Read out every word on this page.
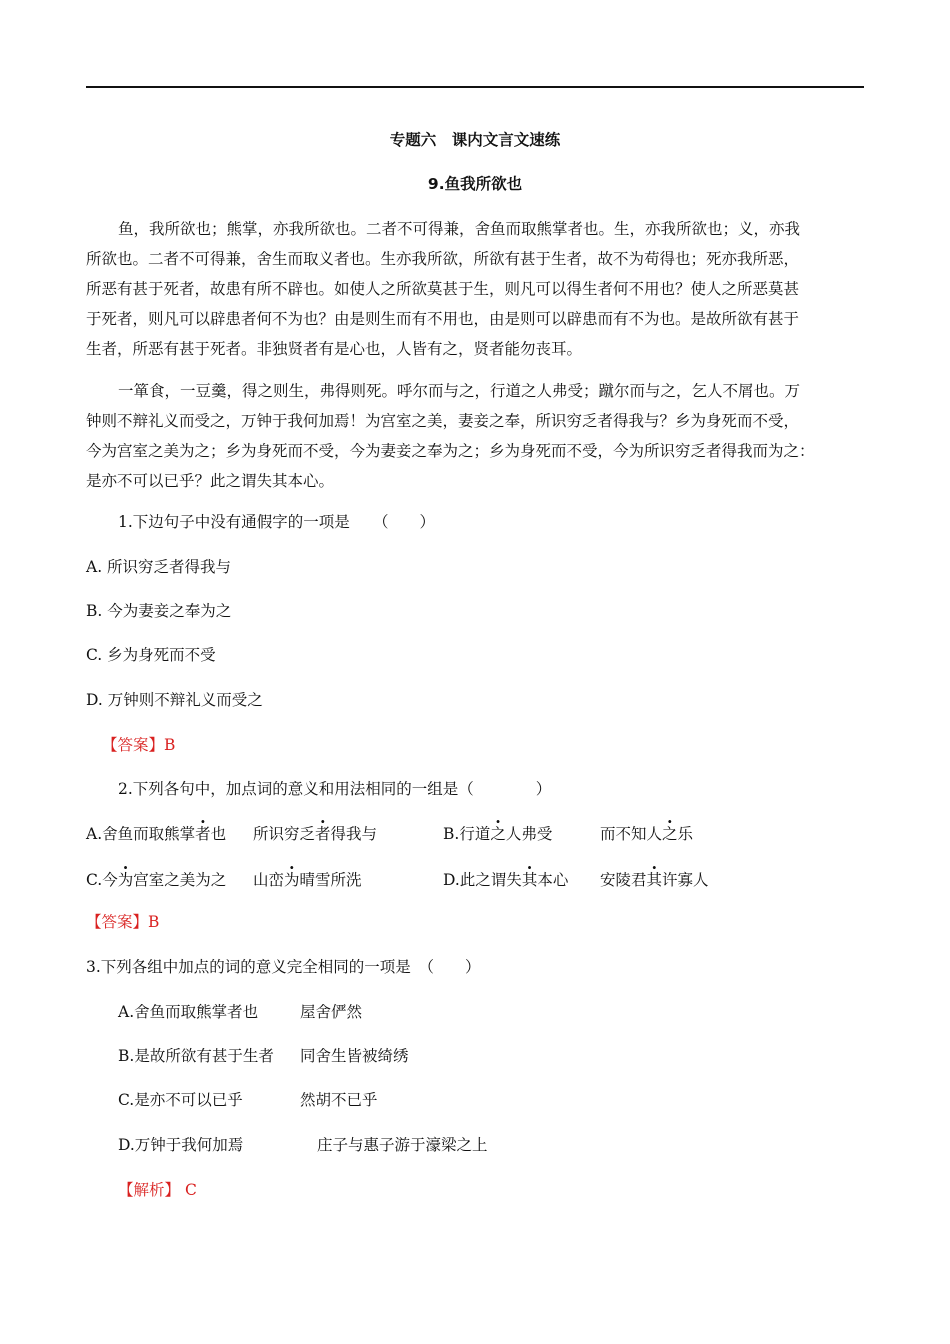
专题六　课内文言文速练
9.鱼我所欲也
鱼，我所欲也；熊掌，亦我所欲也。二者不可得兼，舍鱼而取熊掌者也。生，亦我所欲也；义，亦我
所欲也。二者不可得兼，舍生而取义者也。生亦我所欲，所欲有甚于生者，故不为苟得也；死亦我所恶，
所恶有甚于死者，故患有所不辟也。如使人之所欲莫甚于生，则凡可以得生者何不用也？使人之所恶莫甚
于死者，则凡可以辟患者何不为也？由是则生而有不用也，由是则可以辟患而有不为也。是故所欲有甚于
生者，所恶有甚于死者。非独贤者有是心也，人皆有之，贤者能勿丧耳。
一箪食，一豆羹，得之则生，弗得则死。呼尔而与之，行道之人弗受；蹴尔而与之，乞人不屑也。万
钟则不辩礼义而受之，万钟于我何加焉！为宫室之美，妻妾之奉，所识穷乏者得我与？乡为身死而不受，
今为宫室之美为之；乡为身死而不受，今为妻妾之奉为之；乡为身死而不受，今为所识穷乏者得我而为之：
是亦不可以已乎？此之谓失其本心。
1.下边句子中没有通假字的一项是　　（　　）
A. 所识穷乏者得我与
B. 今为妻妾之奉为之
C. 乡为身死而不受
D. 万钟则不辩礼义而受之
【答案】B
2.下列各句中，加点词的意义和用法相同的一组是（　　　　）
A.舍鱼而取熊掌者也 所识穷乏者得我与	B.行道之人弗受	而不知人之乐
C.今为宫室之美为之 山峦为晴雪所洗	D.此之谓失其本心 安陵君其许寡人
【答案】B
3.下列各组中加点的词的意义完全相同的一项是　（　　）
A.舍鱼而取熊掌者也	屋舍俨然
B.是故所欲有甚于生者 同舍生皆被绮绣
C.是亦不可以已乎	然胡不已乎
D.万钟于我何加焉	庄子与惠子游于濠梁之上
【解析】 C
